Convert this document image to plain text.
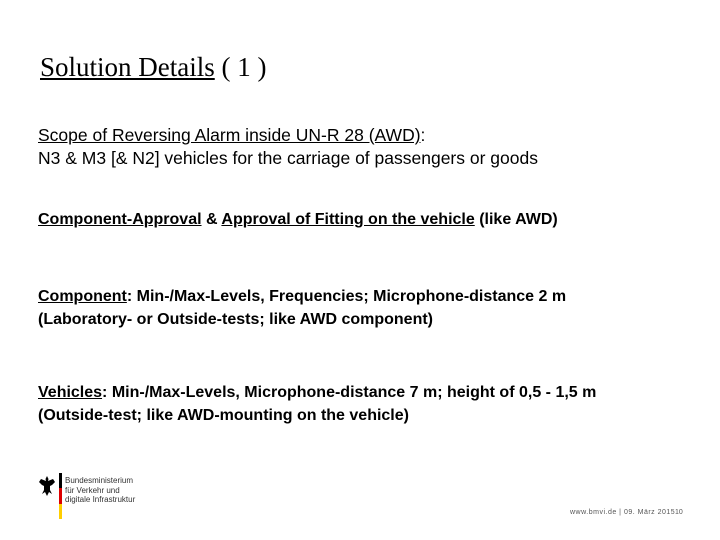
Solution Details ( 1 )
Scope of Reversing Alarm inside UN-R 28 (AWD):
N3 & M3 [& N2] vehicles for the carriage of passengers or goods
Component-Approval & Approval of Fitting on the vehicle (like AWD)
Component: Min-/Max-Levels, Frequencies; Microphone-distance 2 m
(Laboratory- or Outside-tests; like AWD component)
Vehicles: Min-/Max-Levels, Microphone-distance 7 m; height of 0,5 - 1,5 m
(Outside-test; like AWD-mounting on the vehicle)
Bundesministerium
für Verkehr und
digitale Infrastruktur
www.bmvi.de | 09. März 2015 10
